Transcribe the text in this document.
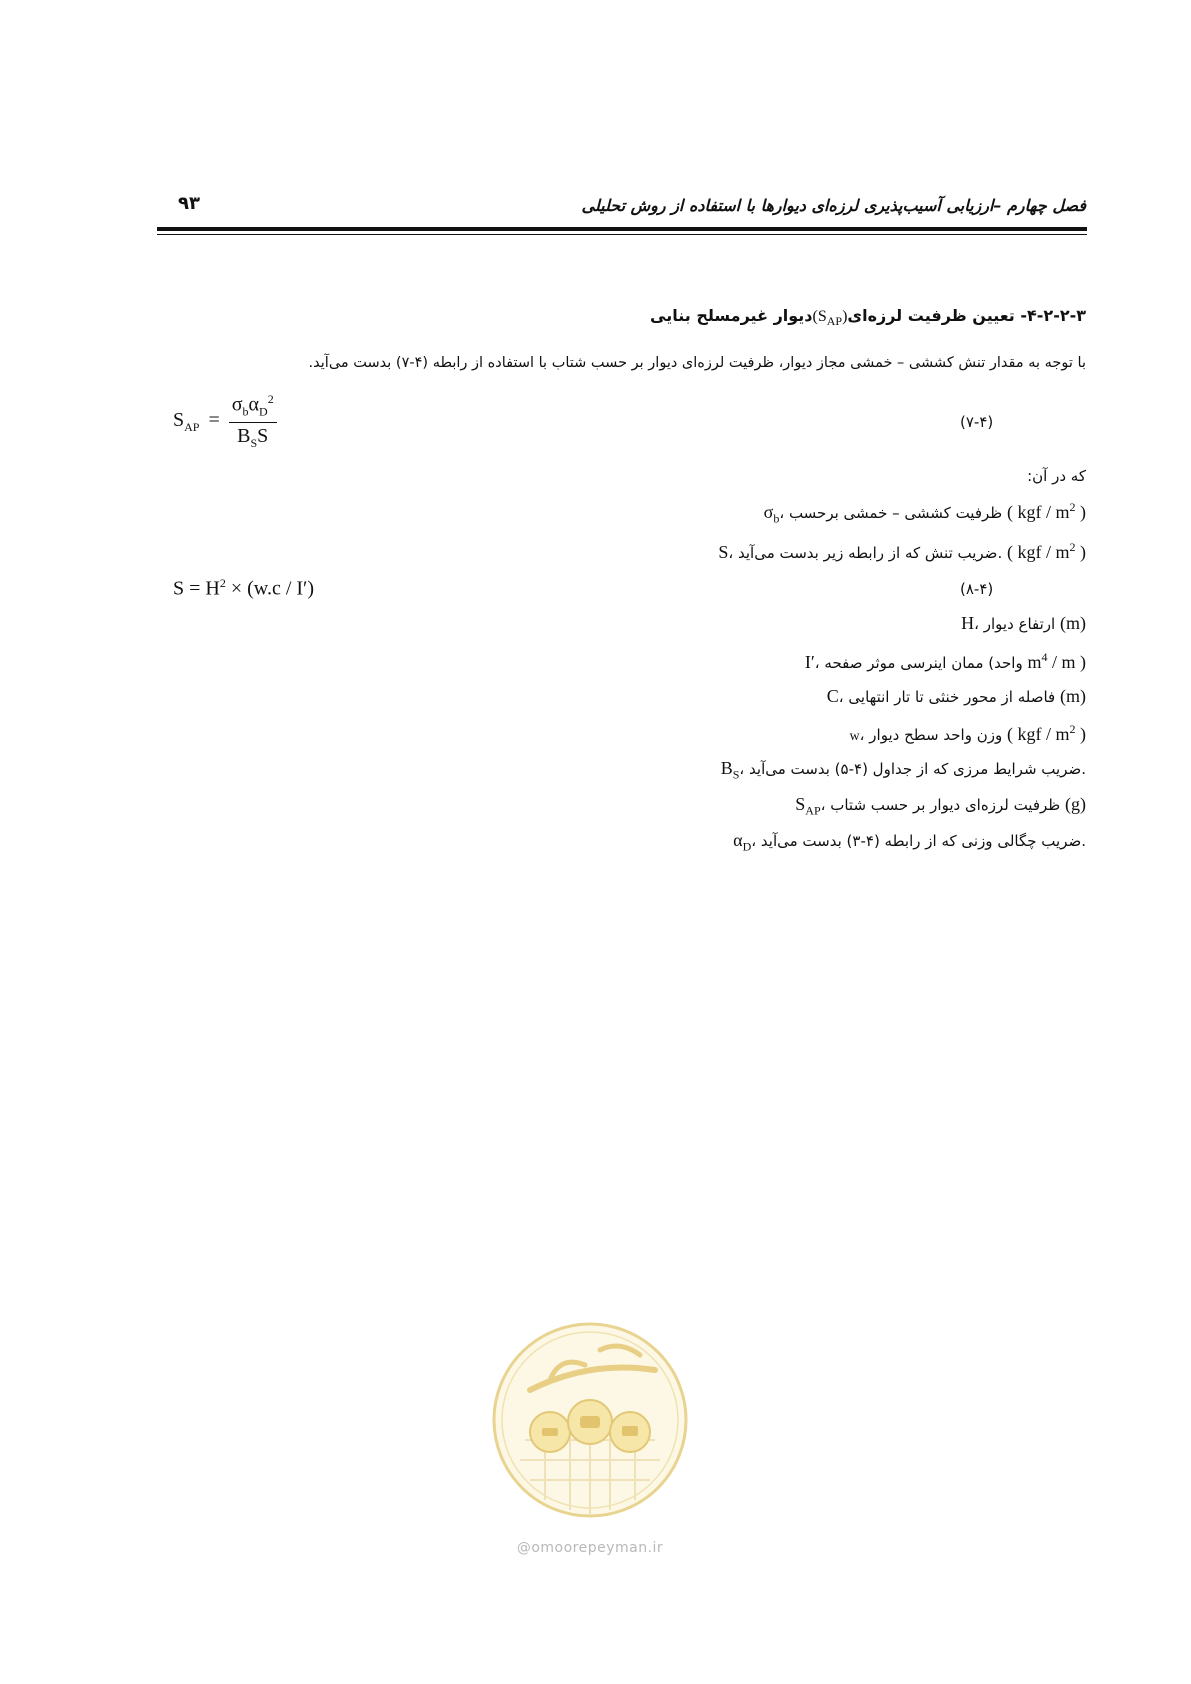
فصل چهارم –ارزیابی آسیب‌پذیری لرزه‌ای دیوارها با استفاده از روش تحلیلی
۹۳
۴-۲-۲-۳- تعیین ظرفیت $لرزه‌ای(S_{AP})دیوار$ غیرمسلح بنایی
با توجه به مقدار تنش کششی – خمشی مجاز دیوار، ظرفیت لرزه‌ای دیوار بر حسب شتاب با استفاده از رابطه (۴-۷) بدست می‌آید.
$S_{AP} = \frac{\sigma_b\alpha_D^2}{B_SS}$	(۷-۴)
که در آن:
$\sigma_b،$ ظرفیت کششی – خمشی برحسب ( kgf / $m^2$ )
S، ضریب تنش که از رابطه زیر بدست می‌آید. ( kgf / $m^2$ )
$S = H^2 \times (w.c / I')$	(۸-۴)
H، ارتفاع دیوار (m)
I′، ممان اینرسی موثر صفحه (واحد $m^4$ / m )
C، فاصله از محور خنثی تا تار انتهایی (m)
w، وزن واحد سطح دیوار ( kgf / $m^2$ )
$B_S،$ ضریب شرایط مرزی که از جداول (۴-۵) بدست می‌آید.
$S_{AP}،$ ظرفیت لرزه‌ای دیوار بر حسب شتاب (g)
$\alpha_D،$ ضریب چگالی وزنی که از رابطه (۴-۳) بدست می‌آید.
@omoorepeyman.ir
